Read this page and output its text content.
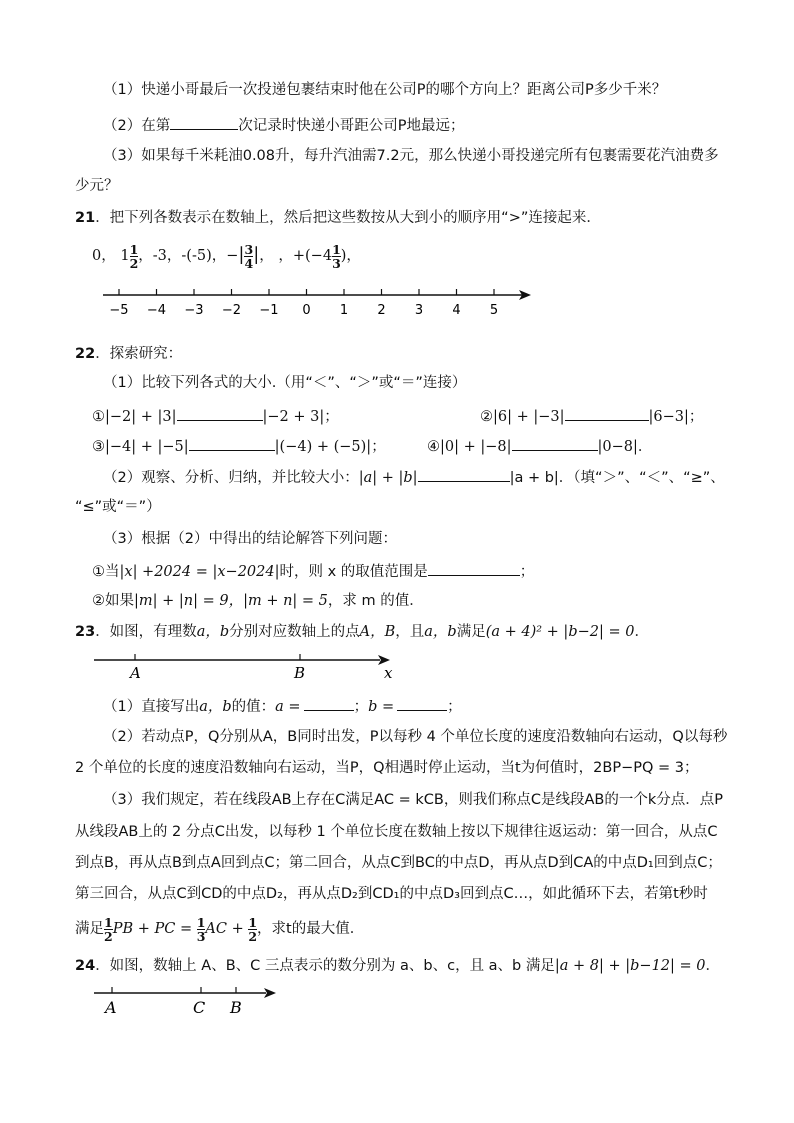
（1）快递小哥最后一次投递包裹结束时他在公司P的哪个方向上？距离公司P多少千米？
（2）在第	次记录时快递小哥距公司P地最远；
（3）如果每千米耗油0.08升，每升汽油需7.2元，那么快递小哥投递完所有包裹需要花汽油费多
少元？
21．把下列各数表示在数轴上，然后把这些数按从大到小的顺序用“>”连接起来．
0， $1 \frac{1}{2}$ ，-3，-(-5)，−| $\frac{3}{4}$ |， ，$+(-4 \frac{1}{3}$ )，
−5 −4 −3 −2 −1 0 1 2 3 4 5
22．探索研究：
（1）比较下列各式的大小.（用“＜”、“＞”或“＝”连接）
①|−2| + |3|	|−2 + 3|；	②|6| + |−3|	|6−3|；
③|−4| + |−5|	|(−4) + (−5)|；	④|0| + |−8|	|0−8|．
（2）观察、分析、归纳，并比较大小：|a| + |b|	|a + b|．（填“＞”、“＜”、“≥”、
“≤”或“＝”）
（3）根据（2）中得出的结论解答下列问题：
①当|x| +2024 = |x−2024|时，则 x 的取值范围是	；
②如果|m| + |n| = 9，|m + n| = 5，求 m 的值．
23．如图，有理数a，b分别对应数轴上的点A，B，且a，b满足(a + 4)² + |b−2| = 0．
A	B	x
（1）直接写出a，b的值：a =	；b =	；
（2）若动点P，Q分别从A，B同时出发，P以每秒 4 个单位长度的速度沿数轴向右运动，Q以每秒
2 个单位的长度的速度沿数轴向右运动，当P，Q相遇时停止运动，当t为何值时，2BP−PQ = 3；
（3）我们规定，若在线段AB上存在C满足AC = kCB，则我们称点C是线段AB的一个k分点．点P
从线段AB上的 2 分点C出发，以每秒 1 个单位长度在数轴上按以下规律往返运动：第一回合，从点C
到点B，再从点B到点A回到点C；第二回合，从点C到BC的中点D，再从点D到CA的中点D₁回到点C；
第三回合，从点C到CD的中点D₂，再从点D₂到CD₁的中点D₃回到点C…，如此循环下去，若第t秒时
满足 $\frac{1}{2}$ PB + PC = $\frac{1}{3}$ AC + $\frac{1}{2}$ ，求t的最大值．
24．如图，数轴上 A、B、C 三点表示的数分别为 a、b、c，且 a、b 满足|a + 8| + |b−12| = 0．
A	C B
